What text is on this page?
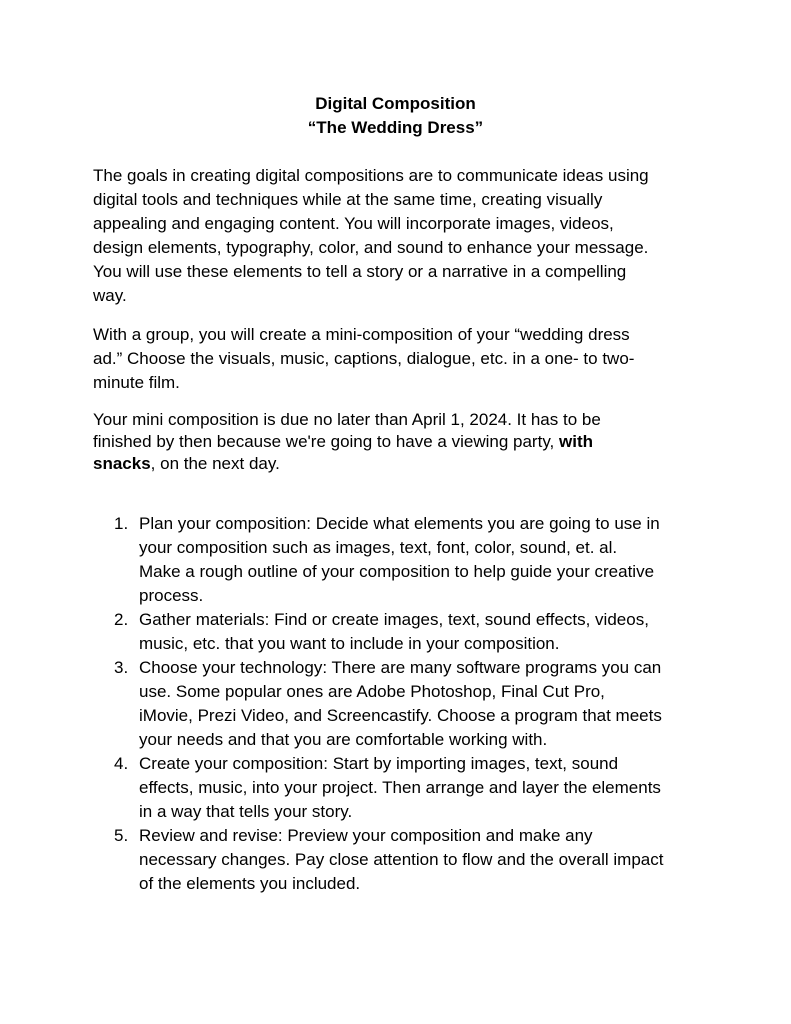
Digital Composition
“The Wedding Dress”
The goals in creating digital compositions are to communicate ideas using
digital tools and techniques while at the same time, creating visually
appealing and engaging content. You will incorporate images, videos,
design elements, typography, color, and sound to enhance your message.
You will use these elements to tell a story or a narrative in a compelling
way.
With a group, you will create a mini-composition of your “wedding dress
ad.” Choose the visuals, music, captions, dialogue, etc. in a one- to two-
minute film.
Your mini composition is due no later than April 1, 2024. It has to be
finished by then because we're going to have a viewing party, with
snacks, on the next day.
1. Plan your composition: Decide what elements you are going to use in
your composition such as images, text, font, color, sound, et. al.
Make a rough outline of your composition to help guide your creative
process.
2. Gather materials: Find or create images, text, sound effects, videos,
music, etc. that you want to include in your composition.
3. Choose your technology: There are many software programs you can
use. Some popular ones are Adobe Photoshop, Final Cut Pro,
iMovie, Prezi Video, and Screencastify. Choose a program that meets
your needs and that you are comfortable working with.
4. Create your composition: Start by importing images, text, sound
effects, music, into your project. Then arrange and layer the elements
in a way that tells your story.
5. Review and revise: Preview your composition and make any
necessary changes. Pay close attention to flow and the overall impact
of the elements you included.
